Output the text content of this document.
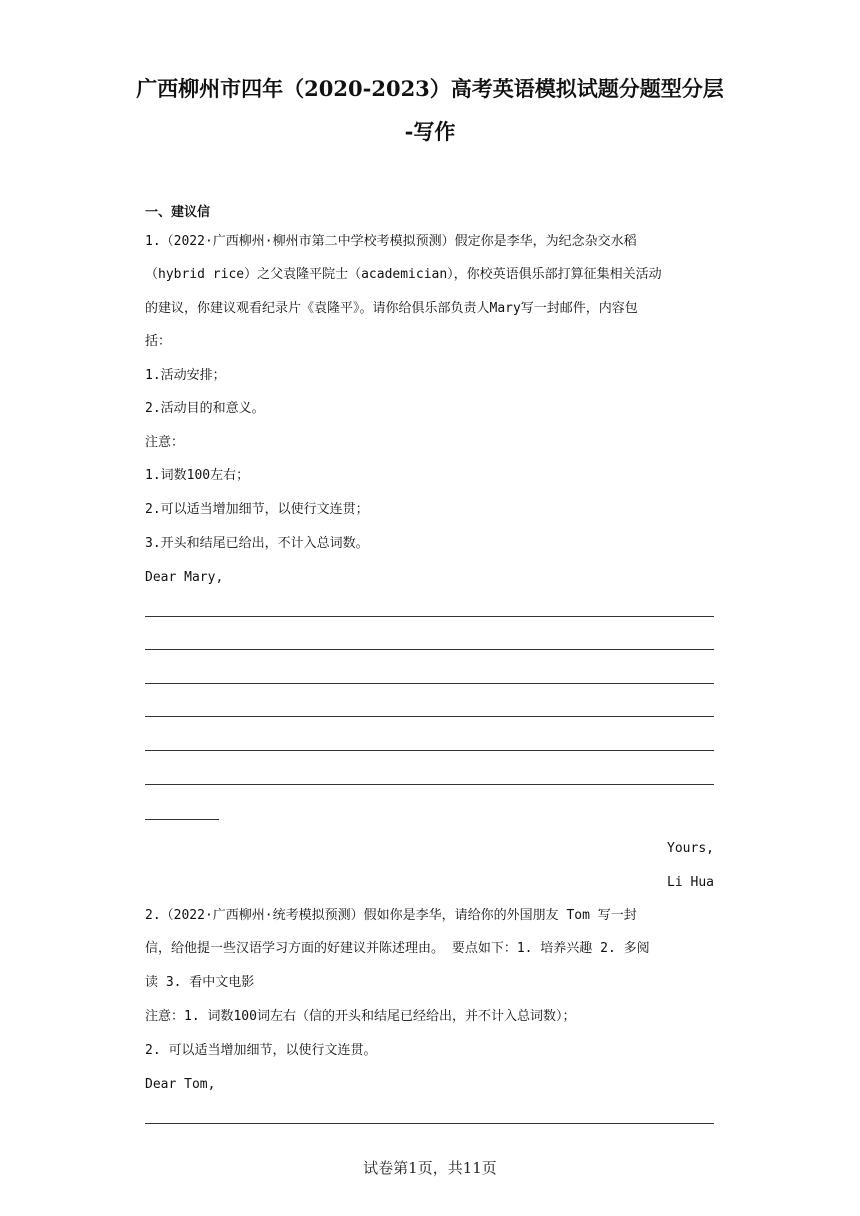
广西柳州市四年（2020-2023）高考英语模拟试题分题型分层
-写作
一、建议信
1.（2022·广西柳州·柳州市第二中学校考模拟预测）假定你是李华，为纪念杂交水稻
（hybrid rice）之父袁隆平院士（academician），你校英语俱乐部打算征集相关活动
的建议，你建议观看纪录片《袁隆平》。请你给俱乐部负责人Mary写一封邮件，内容包
括：
1.活动安排；
2.活动目的和意义。
注意：
1.词数100左右；
2.可以适当增加细节，以使行文连贯；
3.开头和结尾已给出，不计入总词数。
Dear Mary,
Yours,
Li Hua
2.（2022·广西柳州·统考模拟预测）假如你是李华，请给你的外国朋友 Tom 写一封
信，给他提一些汉语学习方面的好建议并陈述理由。 要点如下：1. 培养兴趣 2. 多阅
读 3. 看中文电影
注意：1. 词数100词左右（信的开头和结尾已经给出，并不计入总词数）；
2. 可以适当增加细节，以使行文连贯。
Dear Tom,
试卷第1页，共11页
